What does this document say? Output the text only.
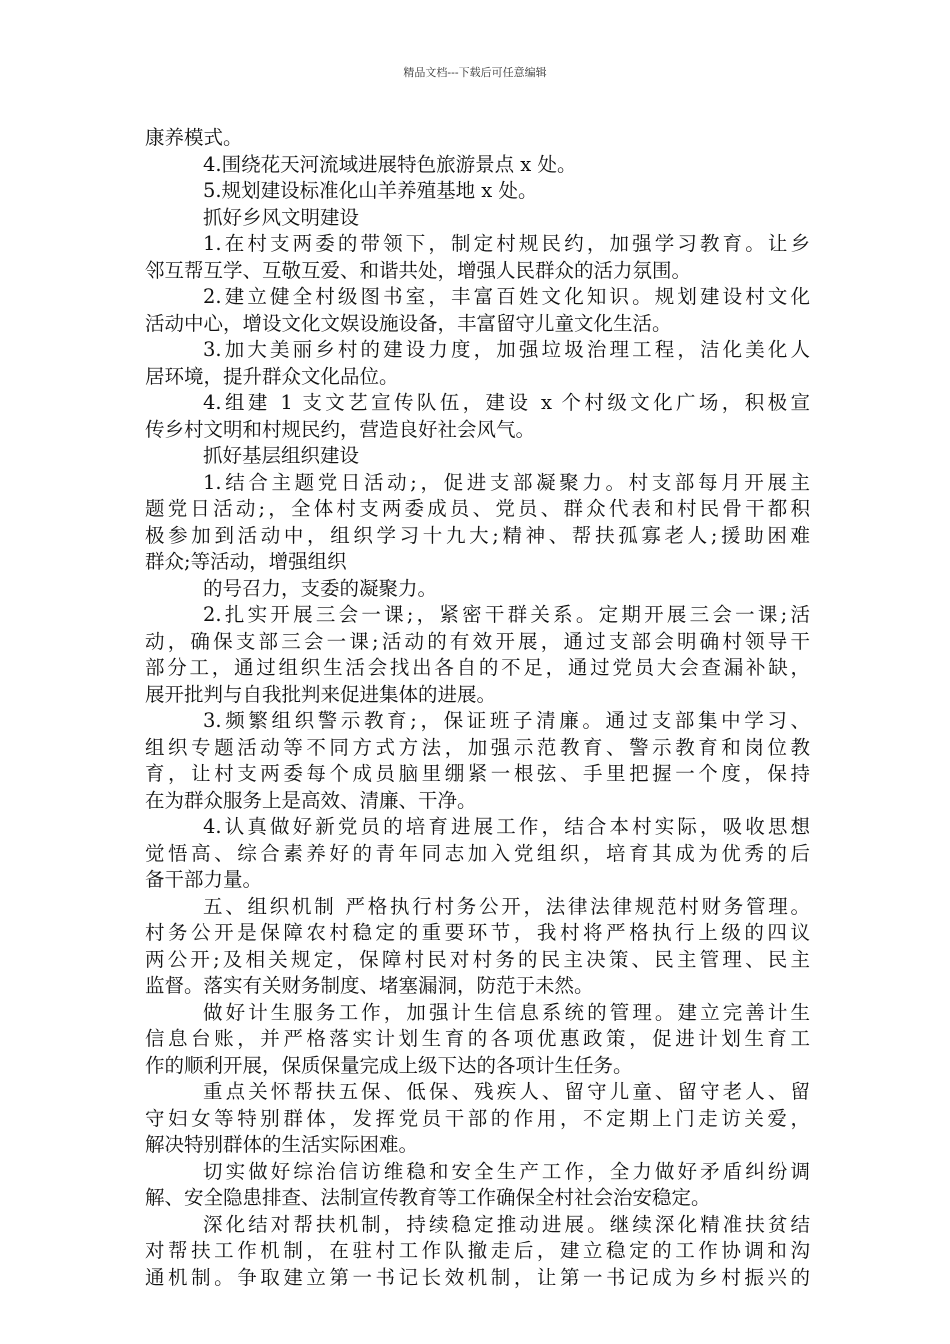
精品文档---下载后可任意编辑
康养模式。
4.围绕花天河流域进展特色旅游景点 x 处。
5.规划建设标准化山羊养殖基地 x 处。
抓好乡风文明建设
1.在村支两委的带领下，制定村规民约，加强学习教育。让乡
邻互帮互学、互敬互爱、和谐共处，增强人民群众的活力氛围。
2.建立健全村级图书室，丰富百姓文化知识。规划建设村文化
活动中心，增设文化文娱设施设备，丰富留守儿童文化生活。
3.加大美丽乡村的建设力度，加强垃圾治理工程，洁化美化人
居环境，提升群众文化品位。
4.组建 1 支文艺宣传队伍，建设 x 个村级文化广场，积极宣
传乡村文明和村规民约，营造良好社会风气。
抓好基层组织建设
1.结合主题党日活动;，促进支部凝聚力。村支部每月开展主
题党日活动;，全体村支两委成员、党员、群众代表和村民骨干都积
极参加到活动中，组织学习十九大;精神、帮扶孤寡老人;援助困难
群众;等活动，增强组织
的号召力，支委的凝聚力。
2.扎实开展三会一课;，紧密干群关系。定期开展三会一课;活
动，确保支部三会一课;活动的有效开展，通过支部会明确村领导干
部分工，通过组织生活会找出各自的不足，通过党员大会查漏补缺，
展开批判与自我批判来促进集体的进展。
3.频繁组织警示教育;，保证班子清廉。通过支部集中学习、
组织专题活动等不同方式方法，加强示范教育、警示教育和岗位教
育，让村支两委每个成员脑里绷紧一根弦、手里把握一个度，保持
在为群众服务上是高效、清廉、干净。
4.认真做好新党员的培育进展工作，结合本村实际，吸收思想
觉悟高、综合素养好的青年同志加入党组织，培育其成为优秀的后
备干部力量。
五、组织机制 严格执行村务公开，法律法律规范村财务管理。
村务公开是保障农村稳定的重要环节，我村将严格执行上级的四议
两公开;及相关规定，保障村民对村务的民主决策、民主管理、民主
监督。落实有关财务制度、堵塞漏洞，防范于未然。
做好计生服务工作，加强计生信息系统的管理。建立完善计生
信息台账，并严格落实计划生育的各项优惠政策，促进计划生育工
作的顺利开展，保质保量完成上级下达的各项计生任务。
重点关怀帮扶五保、低保、残疾人、留守儿童、留守老人、留
守妇女等特别群体，发挥党员干部的作用，不定期上门走访关爱，
解决特别群体的生活实际困难。
切实做好综治信访维稳和安全生产工作，全力做好矛盾纠纷调
解、安全隐患排查、法制宣传教育等工作确保全村社会治安稳定。
深化结对帮扶机制，持续稳定推动进展。继续深化精准扶贫结
对帮扶工作机制，在驻村工作队撤走后，建立稳定的工作协调和沟
通机制。争取建立第一书记长效机制，让第一书记成为乡村振兴的
